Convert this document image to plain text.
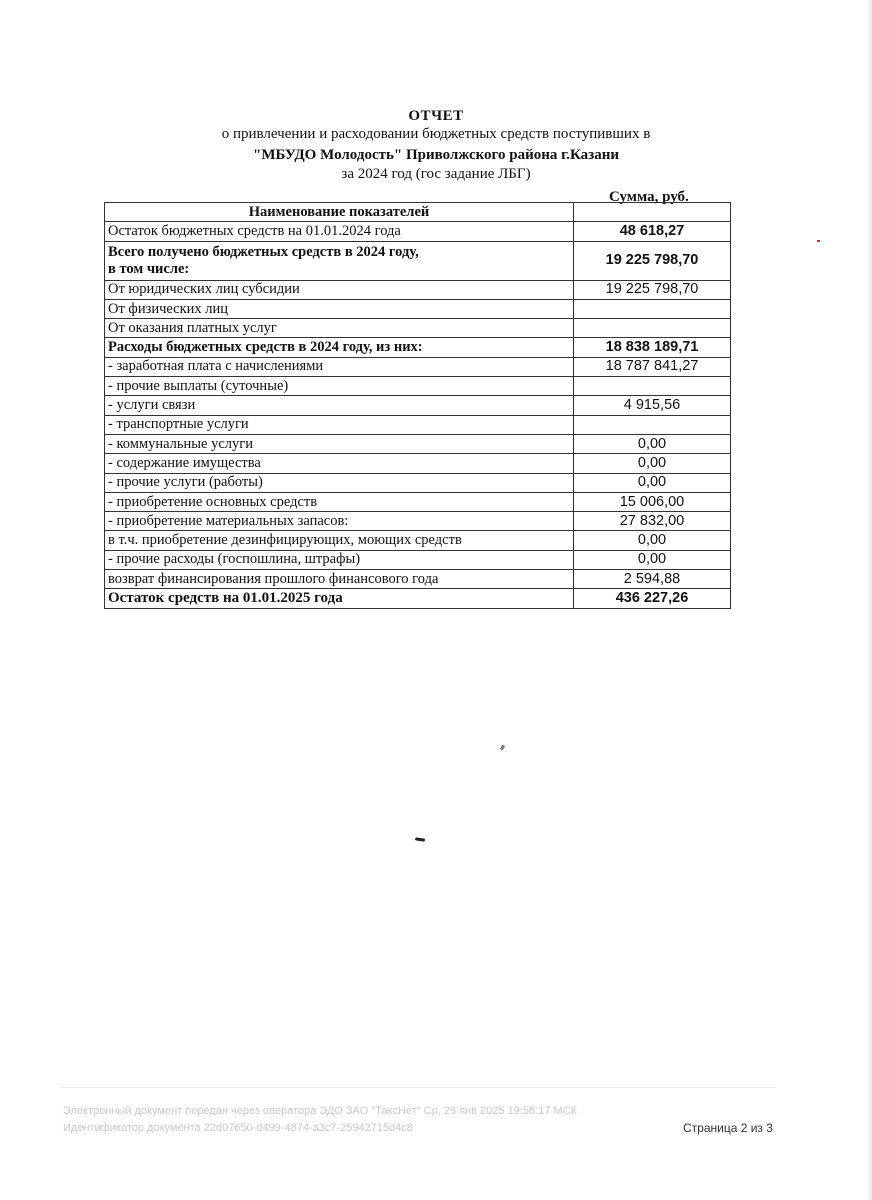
ОТЧЕТ
о привлечении и расходовании бюджетных средств поступивших в
"МБУДО Молодость" Приволжского района г.Казани
за 2024 год (гос задание ЛБГ)
Сумма, руб.
Наименование показателей	
Остаток бюджетных средств на 01.01.2024 года	48 618,27
Всего получено бюджетных средств в 2024 году,
в том числе:	19 225 798,70
От юридических лиц субсидии	19 225 798,70
От физических лиц	
От оказания платных услуг	
Расходы бюджетных средств в 2024 году, из них:	18 838 189,71
- заработная плата с начислениями	18 787 841,27
- прочие выплаты (суточные)	
- услуги связи	4 915,56
- транспортные услуги	
- коммунальные услуги	0,00
- содержание имущества	0,00
- прочие услуги (работы)	0,00
- приобретение основных средств	15 006,00
- приобретение материальных запасов:	27 832,00
в т.ч. приобретение дезинфицирующих, моющих средств	0,00
- прочие расходы (госпошлина, штрафы)	0,00
возврат финансирования прошлого финансового года	2 594,88
Остаток средств на 01.01.2025 года	436 227,26
Электронный документ передан через оператора ЭДО ЗАО "ТаксНет" Ср, 29 янв 2025 19:58:17 МСК
Идентификатор документа 22d07650-d499-4874-a3c7-25942715d4c8	Страница 2 из 3
